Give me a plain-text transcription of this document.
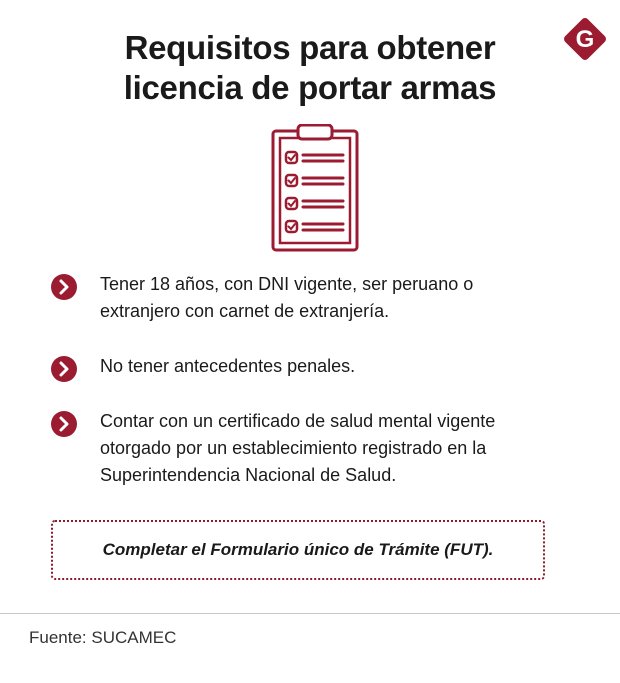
Requisitos para obtener
licencia de portar armas
G
Tener 18 años, con DNI vigente, ser peruano o
extranjero con carnet de extranjería.
No tener antecedentes penales.
Contar con un certificado de salud mental vigente
otorgado por un establecimiento registrado en la
Superintendencia Nacional de Salud.
Completar el Formulario único de Trámite (FUT).
Fuente: SUCAMEC
